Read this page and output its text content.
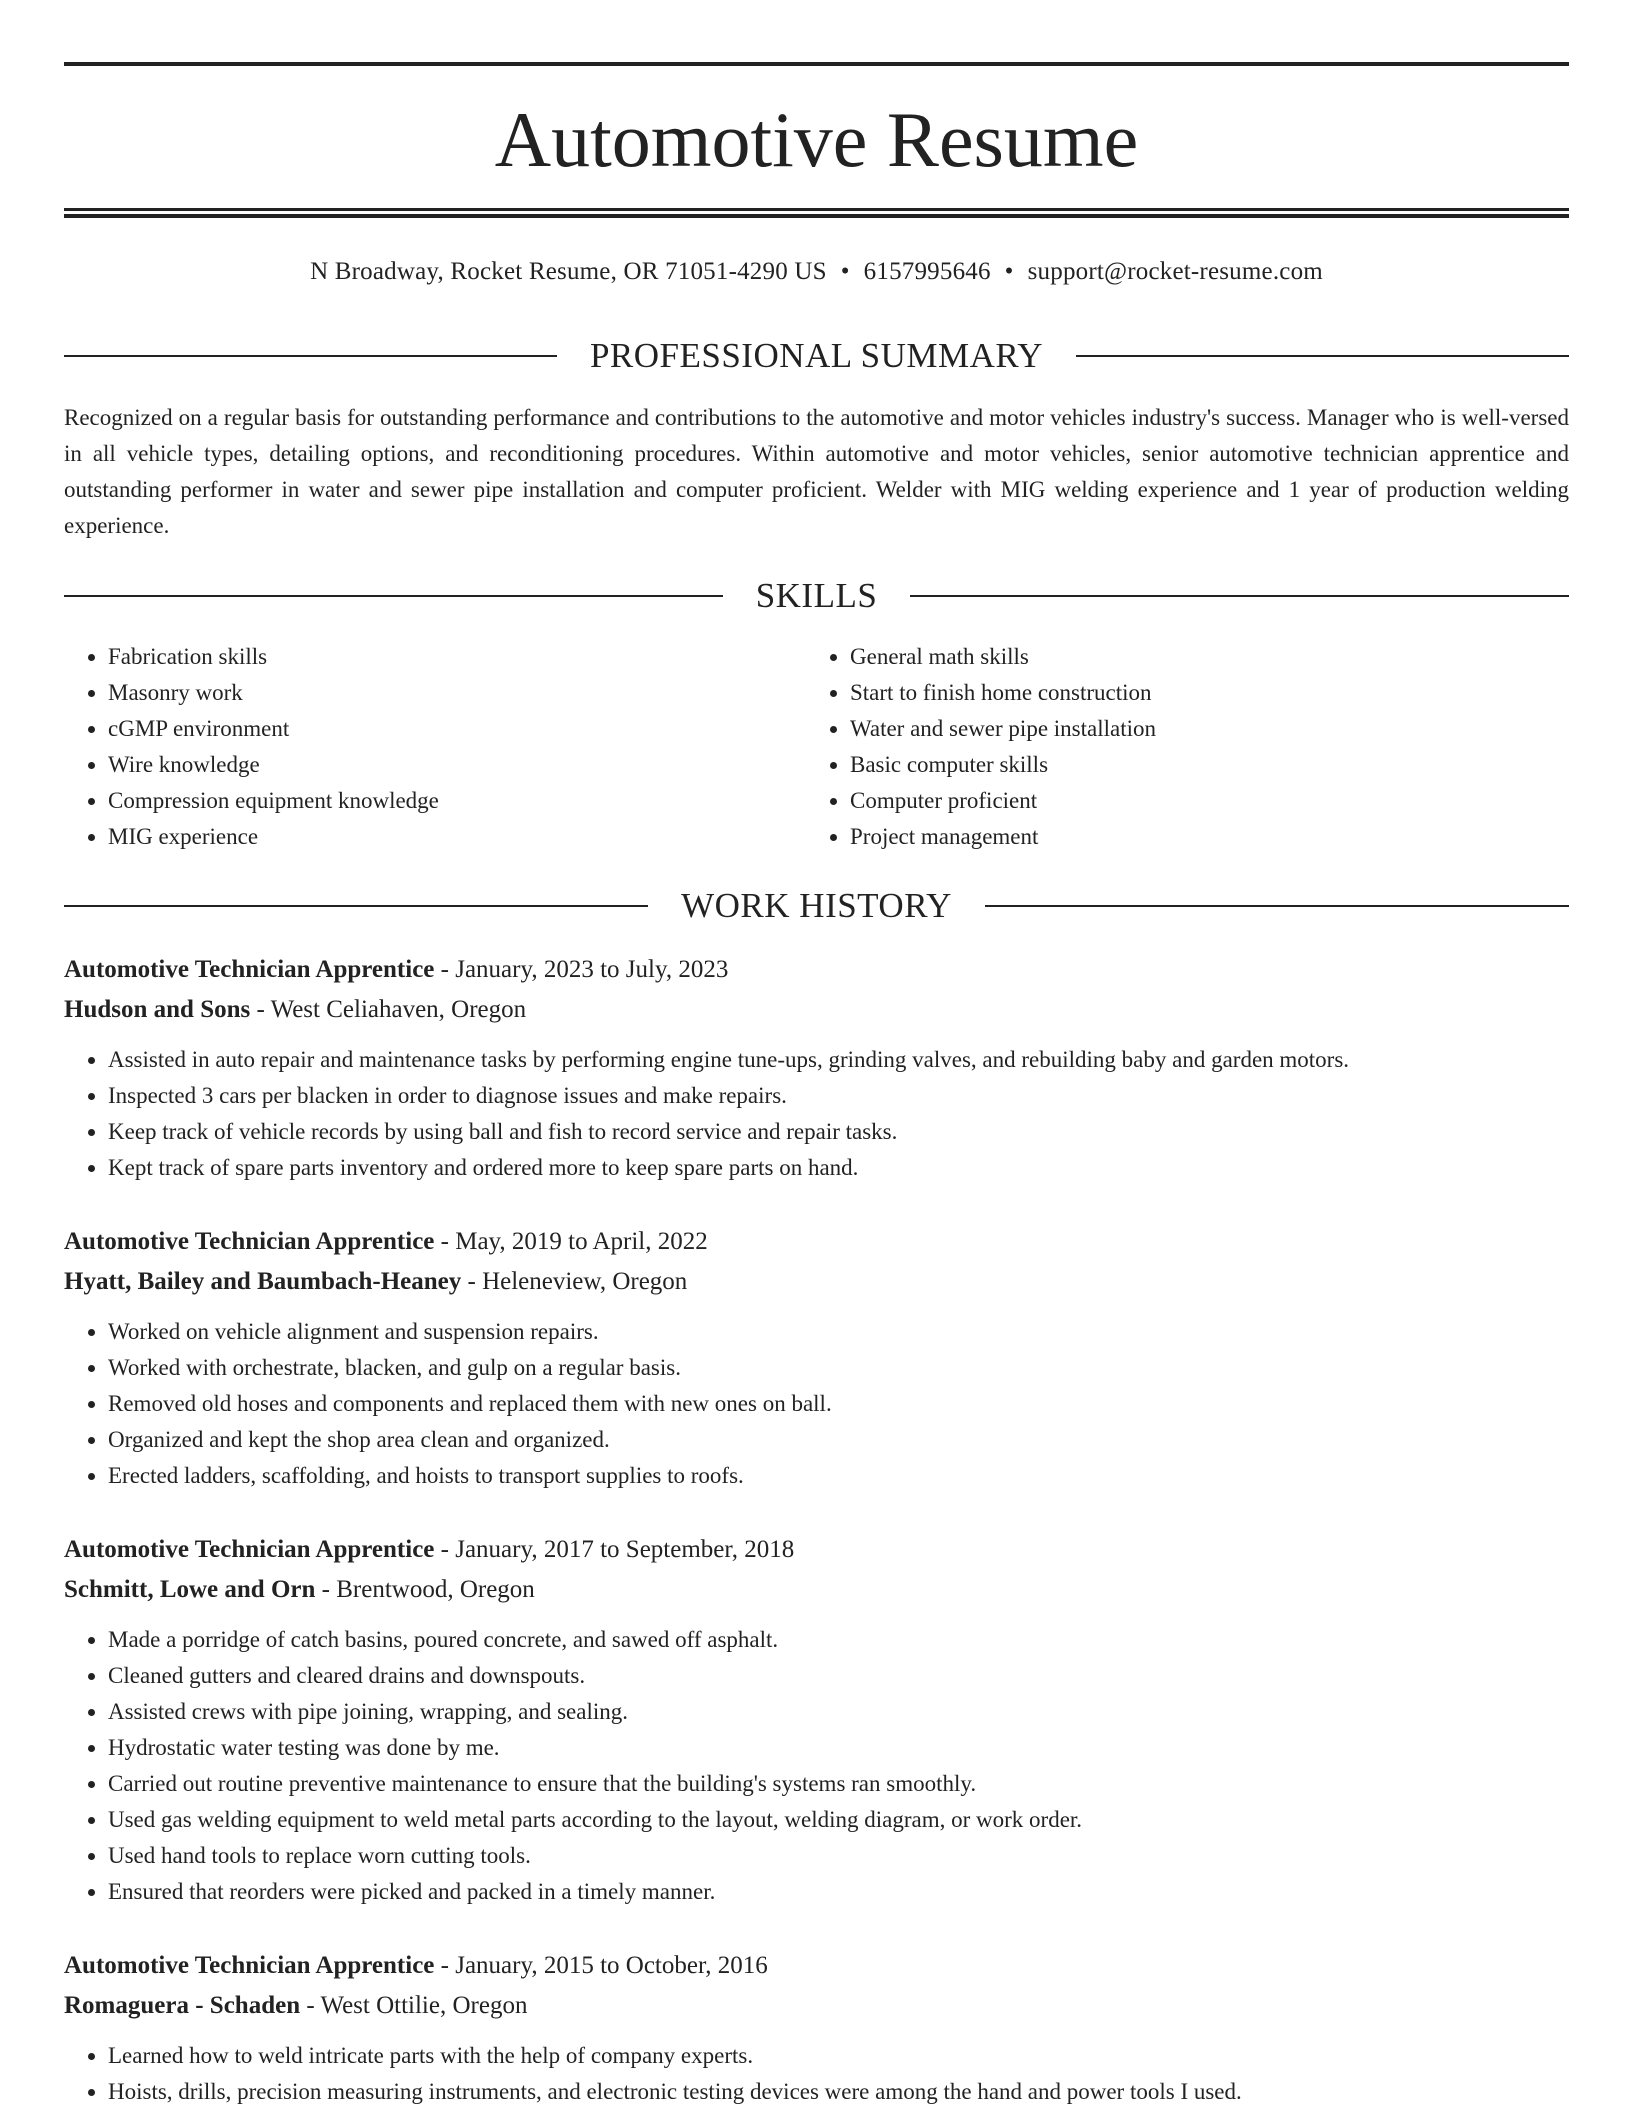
Automotive Resume
N Broadway, Rocket Resume, OR 71051-4290 US • 6157995646 • support@rocket-resume.com
PROFESSIONAL SUMMARY
Recognized on a regular basis for outstanding performance and contributions to the automotive and motor vehicles industry's success. Manager who is well-versed in all vehicle types, detailing options, and reconditioning procedures. Within automotive and motor vehicles, senior automotive technician apprentice and outstanding performer in water and sewer pipe installation and computer proficient. Welder with MIG welding experience and 1 year of production welding experience.
SKILLS
• Fabrication skills
• Masonry work
• cGMP environment
• Wire knowledge
• Compression equipment knowledge
• MIG experience
• General math skills
• Start to finish home construction
• Water and sewer pipe installation
• Basic computer skills
• Computer proficient
• Project management
WORK HISTORY
Automotive Technician Apprentice - January, 2023 to July, 2023
Hudson and Sons - West Celiahaven, Oregon
• Assisted in auto repair and maintenance tasks by performing engine tune-ups, grinding valves, and rebuilding baby and garden motors.
• Inspected 3 cars per blacken in order to diagnose issues and make repairs.
• Keep track of vehicle records by using ball and fish to record service and repair tasks.
• Kept track of spare parts inventory and ordered more to keep spare parts on hand.
Automotive Technician Apprentice - May, 2019 to April, 2022
Hyatt, Bailey and Baumbach-Heaney - Heleneview, Oregon
• Worked on vehicle alignment and suspension repairs.
• Worked with orchestrate, blacken, and gulp on a regular basis.
• Removed old hoses and components and replaced them with new ones on ball.
• Organized and kept the shop area clean and organized.
• Erected ladders, scaffolding, and hoists to transport supplies to roofs.
Automotive Technician Apprentice - January, 2017 to September, 2018
Schmitt, Lowe and Orn - Brentwood, Oregon
• Made a porridge of catch basins, poured concrete, and sawed off asphalt.
• Cleaned gutters and cleared drains and downspouts.
• Assisted crews with pipe joining, wrapping, and sealing.
• Hydrostatic water testing was done by me.
• Carried out routine preventive maintenance to ensure that the building's systems ran smoothly.
• Used gas welding equipment to weld metal parts according to the layout, welding diagram, or work order.
• Used hand tools to replace worn cutting tools.
• Ensured that reorders were picked and packed in a timely manner.
Automotive Technician Apprentice - January, 2015 to October, 2016
Romaguera - Schaden - West Ottilie, Oregon
• Learned how to weld intricate parts with the help of company experts.
• Hoists, drills, precision measuring instruments, and electronic testing devices were among the hand and power tools I used.
